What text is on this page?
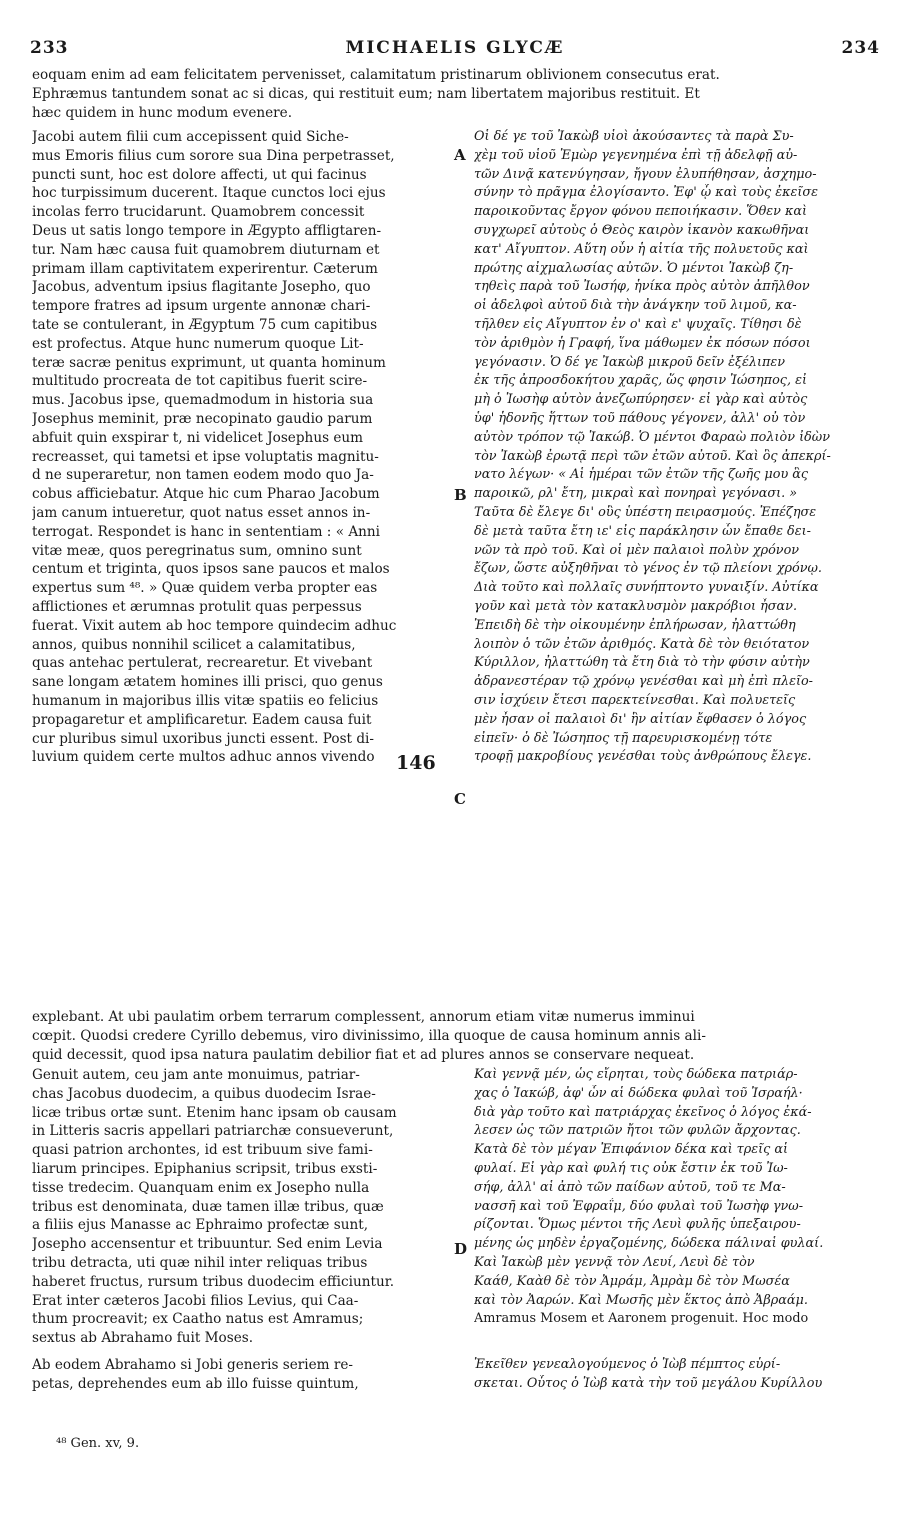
233	MICHAELIS GLYCÆ	234
eoquam enim ad eam felicitatem pervenisset, calamitatum pristinarum oblivionem consecutus erat.
Ephræmus tantundem sonat ac si dicas, qui restituit eum; nam libertatem majoribus restituit. Et
hæc quidem in hunc modum evenere.
Jacobi autem filii cum accepissent quid Siche-
mus Emoris filius cum sorore sua Dina perpetrasset,
puncti sunt, hoc est dolore affecti, ut qui facinus
hoc turpissimum ducerent. Itaque cunctos loci ejus
incolas ferro trucidarunt. Quamobrem concessit
Deus ut satis longo tempore in Ægypto affligtaren-
tur. Nam hæc causa fuit quamobrem diuturnam et
primam illam captivitatem experirentur. Cæterum
Jacobus, adventum ipsius flagitante Josepho, quo
tempore fratres ad ipsum urgente annonæ chari-
tate se contulerant, in Ægyptum 75 cum capitibus
est profectus. Atque hunc numerum quoque Lit-
teræ sacræ penitus exprimunt, ut quanta hominum
multitudo procreata de tot capitibus fuerit scire-
mus. Jacobus ipse, quemadmodum in historia sua
Josephus meminit, præ necopinato gaudio parum
abfuit quin exspirar t, ni videlicet Josephus eum
recreasset, qui tametsi et ipse voluptatis magnitu-
d ne superaretur, non tamen eodem modo quo Ja-
cobus afficiebatur. Atque hic cum Pharao Jacobum
jam canum intueretur, quot natus esset annos in-
terrogat. Respondet is hanc in sententiam : « Anni
vitæ meæ, quos peregrinatus sum, omnino sunt
centum et triginta, quos ipsos sane paucos et malos
expertus sum ⁴⁸. » Quæ quidem verba propter eas
afflictiones et ærumnas protulit quas perpessus
fuerat. Vixit autem ab hoc tempore quindecim adhuc
annos, quibus nonnihil scilicet a calamitatibus,
quas antehac pertulerat, recrearetur. Et vivebant
sane longam ætatem homines illi prisci, quo genus
humanum in majoribus illis vitæ spatiis eo felicius
propagaretur et amplificaretur. Eadem causa fuit
cur pluribus simul uxoribus juncti essent. Post di-
luvium quidem certe multos adhuc annos vivendo
Οἱ δέ γε τοῦ Ἰακὼβ υἱοὶ ἀκούσαντες τὰ παρὰ Συ-
χὲμ τοῦ υἱοῦ Ἐμὼρ γεγενημένα ἐπὶ τῇ ἀδελφῇ αὐ-
τῶν Δινᾷ κατενύγησαν, ἤγουν ἐλυπήθησαν, ἀσχημο-
σύνην τὸ πρᾶγμα ἐλογίσαντο. Ἐφ' ᾧ καὶ τοὺς ἐκεῖσε
παροικοῦντας ἔργον φόνου πεποιήκασιν. Ὅθεν καὶ
συγχωρεῖ αὐτοὺς ὁ Θεὸς καιρὸν ἱκανὸν κακωθῆναι
κατ' Αἴγυπτον. Αὕτη οὖν ἡ αἰτία τῆς πολυετοῦς καὶ
πρώτης αἰχμαλωσίας αὐτῶν. Ὁ μέντοι Ἰακὼβ ζη-
τηθεὶς παρὰ τοῦ Ἰωσήφ, ἡνίκα πρὸς αὐτὸν ἀπῆλθον
οἱ ἀδελφοὶ αὐτοῦ διὰ τὴν ἀνάγκην τοῦ λιμοῦ, κα-
τῆλθεν εἰς Αἴγυπτον ἐν ο' καὶ ε' ψυχαῖς. Τίθησι δὲ
τὸν ἀριθμὸν ἡ Γραφή, ἵνα μάθωμεν ἐκ πόσων πόσοι
γεγόνασιν. Ὁ δέ γε Ἰακὼβ μικροῦ δεῖν ἐξέλιπεν
ἐκ τῆς ἀπροσδοκήτου χαρᾶς, ὥς φησιν Ἰώσηπος, εἰ
μὴ ὁ Ἰωσὴφ αὐτὸν ἀνεζωπύρησεν· εἰ γὰρ καὶ αὐτὸς
ὑφ' ἡδονῆς ἥττων τοῦ πάθους γέγονεν, ἀλλ' οὐ τὸν
αὐτὸν τρόπον τῷ Ἰακώβ. Ὁ μέντοι Φαραὼ πολιὸν ἰδὼν
τὸν Ἰακὼβ ἐρωτᾷ περὶ τῶν ἐτῶν αὐτοῦ. Καὶ ὃς ἀπεκρί-
νατο λέγων· « Αἱ ἡμέραι τῶν ἐτῶν τῆς ζωῆς μου ἃς
παροικῶ, ρλ' ἔτη, μικραὶ καὶ πονηραὶ γεγόνασι. »
Ταῦτα δὲ ἔλεγε δι' οὓς ὑπέστη πειρασμούς. Ἐπέζησε
δὲ μετὰ ταῦτα ἔτη ιε' εἰς παράκλησιν ὧν ἔπαθε δει-
νῶν τὰ πρὸ τοῦ. Καὶ οἱ μὲν παλαιοὶ πολὺν χρόνον
ἔζων, ὥστε αὐξηθῆναι τὸ γένος ἐν τῷ πλείονι χρόνῳ.
Διὰ τοῦτο καὶ πολλαῖς συνήπτοντο γυναιξίν. Αὐτίκα
γοῦν καὶ μετὰ τὸν κατακλυσμὸν μακρόβιοι ἦσαν.
Ἐπειδὴ δὲ τὴν οἰκουμένην ἐπλήρωσαν, ἠλαττώθη
λοιπὸν ὁ τῶν ἐτῶν ἀριθμός. Κατὰ δὲ τὸν θειότατον
Κύριλλον, ἠλαττώθη τὰ ἔτη διὰ τὸ τὴν φύσιν αὐτὴν
ἀδρανεστέραν τῷ χρόνῳ γενέσθαι καὶ μὴ ἐπὶ πλεῖο-
σιν ἰσχύειν ἔτεσι παρεκτείνεσθαι. Καὶ πολυετεῖς
μὲν ἦσαν οἱ παλαιοὶ δι' ἣν αἰτίαν ἔφθασεν ὁ λόγος
εἰπεῖν· ὁ δὲ Ἰώσηπος τῇ παρευρισκομένῃ τότε
τροφῇ μακροβίους γενέσθαι τοὺς ἀνθρώπους ἔλεγε.
explebant. At ubi paulatim orbem terrarum complessent, annorum etiam vitæ numerus imminui
cœpit. Quodsi credere Cyrillo debemus, viro divinissimo, illa quoque de causa hominum annis ali-
quid decessit, quod ipsa natura paulatim debilior fiat et ad plures annos se conservare nequeat.
Genuit autem, ceu jam ante monuimus, patriar-
chas Jacobus duodecim, a quibus duodecim Israe-
licæ tribus ortæ sunt. Etenim hanc ipsam ob causam
in Litteris sacris appellari patriarchæ consueverunt,
quasi patrion archontes, id est tribuum sive fami-
liarum principes. Epiphanius scripsit, tribus exsti-
tisse tredecim. Quanquam enim ex Josepho nulla
tribus est denominata, duæ tamen illæ tribus, quæ
a filiis ejus Manasse ac Ephraimo profectæ sunt,
Josepho accensentur et tribuuntur. Sed enim Levia
tribu detracta, uti quæ nihil inter reliquas tribus
haberet fructus, rursum tribus duodecim efficiuntur.
Erat inter cæteros Jacobi filios Levius, qui Caa-
thum procreavit; ex Caatho natus est Amramus;
sextus ab Abrahamo fuit Moses.
Καὶ γεννᾷ μέν, ὡς εἴρηται, τοὺς δώδεκα πατριάρ-
χας ὁ Ἰακώβ, ἀφ' ὧν αἱ δώδεκα φυλαὶ τοῦ Ἰσραήλ·
διὰ γὰρ τοῦτο καὶ πατριάρχας ἐκεῖνος ὁ λόγος ἐκά-
λεσεν ὡς τῶν πατριῶν ἤτοι τῶν φυλῶν ἄρχοντας.
Κατὰ δὲ τὸν μέγαν Ἐπιφάνιον δέκα καὶ τρεῖς αἱ
φυλαί. Εἰ γὰρ καὶ φυλή τις οὐκ ἔστιν ἐκ τοῦ Ἰω-
σήφ, ἀλλ' αἱ ἀπὸ τῶν παίδων αὐτοῦ, τοῦ τε Μα-
νασσῆ καὶ τοῦ Ἐφραΐμ, δύο φυλαὶ τοῦ Ἰωσὴφ γνω-
ρίζονται. Ὅμως μέντοι τῆς Λευὶ φυλῆς ὑπεξαιρου-
μένης ὡς μηδὲν ἐργαζομένης, δώδεκα πάλιναἱ φυλαί.
Καὶ Ἰακὼβ μὲν γεννᾷ τὸν Λευί, Λευὶ δὲ τὸν
Καάθ, Καὰθ δὲ τὸν Ἀμράμ, Ἀμρὰμ δὲ τὸν Μωσέα
καὶ τὸν Ἀαρών. Καὶ Μωσῆς μὲν ἕκτος ἀπὸ Ἀβραάμ.
Amramus Mosem et Aaronem progenuit. Hoc modo
Ab eodem Abrahamo si Jobi generis seriem re-
petas, deprehendes eum ab illo fuisse quintum,
Ἐκεῖθεν γενεαλογούμενος ὁ Ἰὼβ πέμπτος εὑρί-
σκεται. Οὗτος ὁ Ἰὼβ κατὰ τὴν τοῦ μεγάλου Κυρίλλου
A
B
C
D
146
⁴⁸ Gen. xv, 9.
